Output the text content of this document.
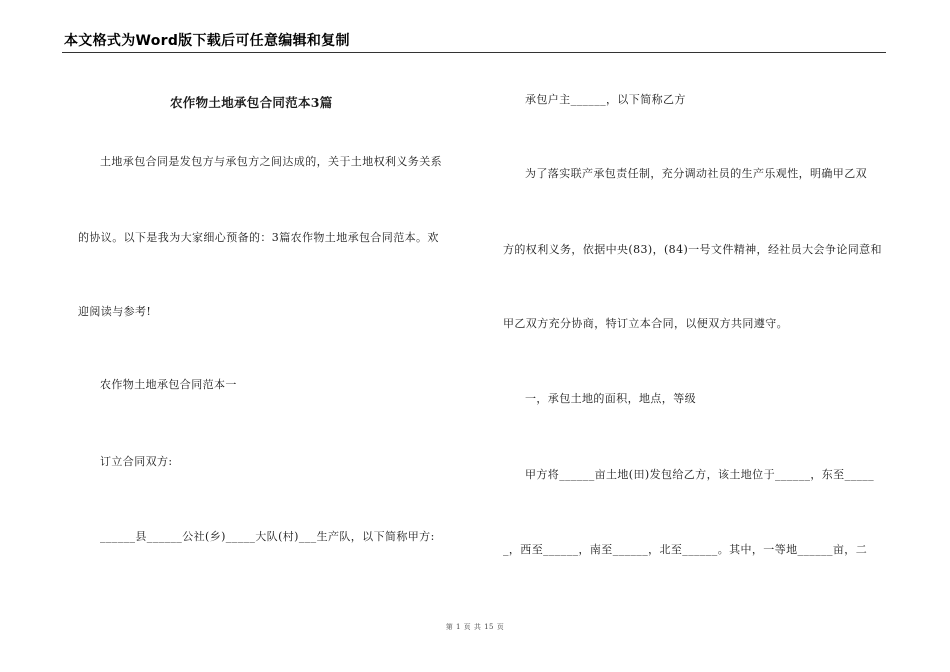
本文格式为Word版下载后可任意编辑和复制
农作物土地承包合同范本3篇
土地承包合同是发包方与承包方之间达成的，关于土地权利义务关系
的协议。以下是我为大家细心预备的：3篇农作物土地承包合同范本。欢
迎阅读与参考!
农作物土地承包合同范本一
订立合同双方:
______县______公社(乡)_____大队(村)___生产队，以下简称甲方:
承包户主______，以下简称乙方
为了落实联产承包责任制，充分调动社员的生产乐观性，明确甲乙双
方的权利义务，依据中央(83)，(84)一号文件精神，经社员大会争论同意和
甲乙双方充分协商，特订立本合同，以便双方共同遵守。
一，承包土地的面积，地点，等级
甲方将______亩土地(田)发包给乙方，该土地位于______，东至_____
_，西至______，南至______，北至______。其中，一等地______亩，二
第 1 页 共 15 页
